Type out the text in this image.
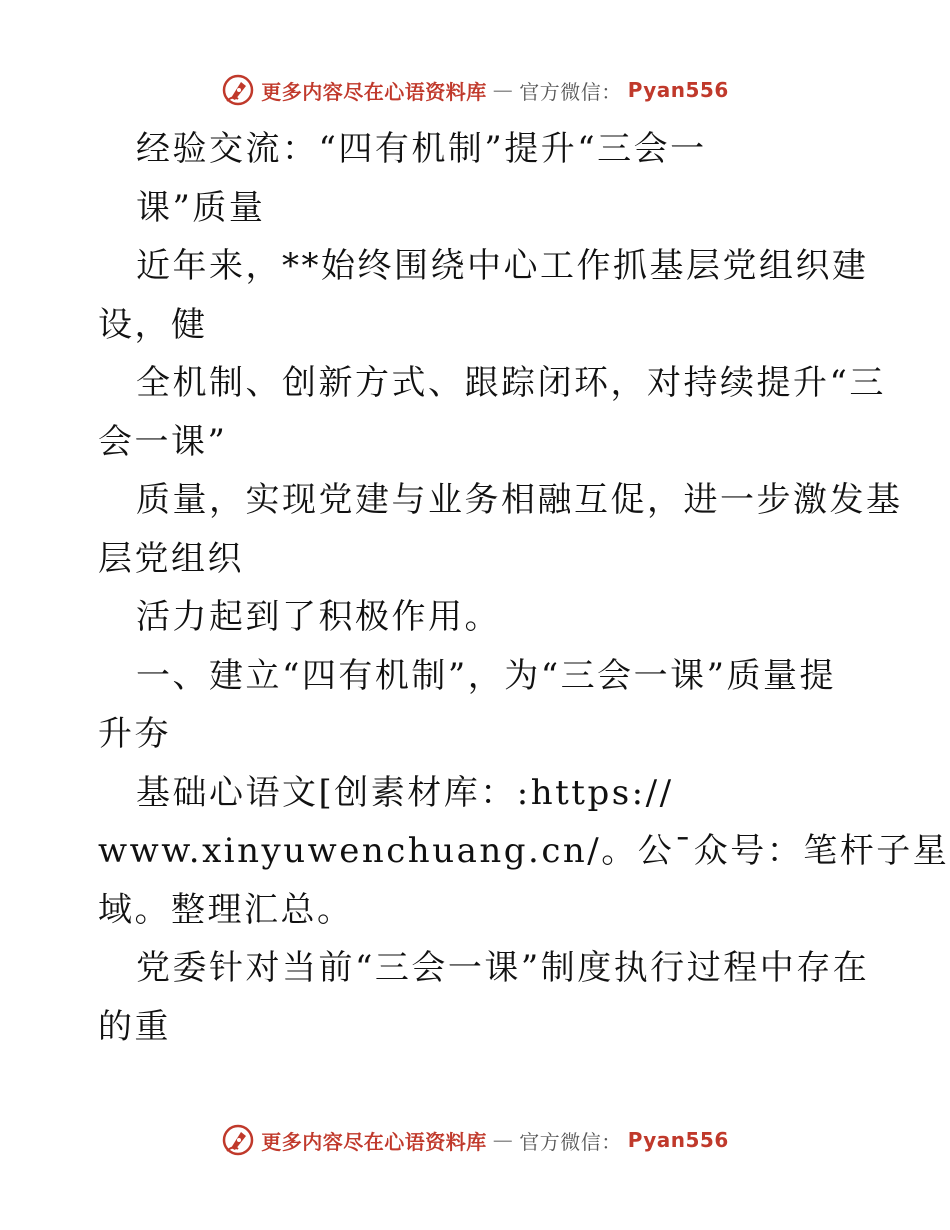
更多内容尽在心语资料库 — 官方微信： Pyan556
经验交流：“四有机制”提升“三会一
课”质量
近年来，**始终围绕中心工作抓基层党组织建
设，健
全机制、创新方式、跟踪闭环，对持续提升“三
会一课”
质量，实现党建与业务相融互促，进一步激发基
层党组织
活力起到了积极作用。
一、建立“四有机制”，为“三会一课”质量提
升夯
基础心语文[创素材库：:https://
www.xinyuwenchuang.cn/。公¯众号：笔杆子星
域。整理汇总。
党委针对当前“三会一课”制度执行过程中存在
的重
更多内容尽在心语资料库 — 官方微信： Pyan556
